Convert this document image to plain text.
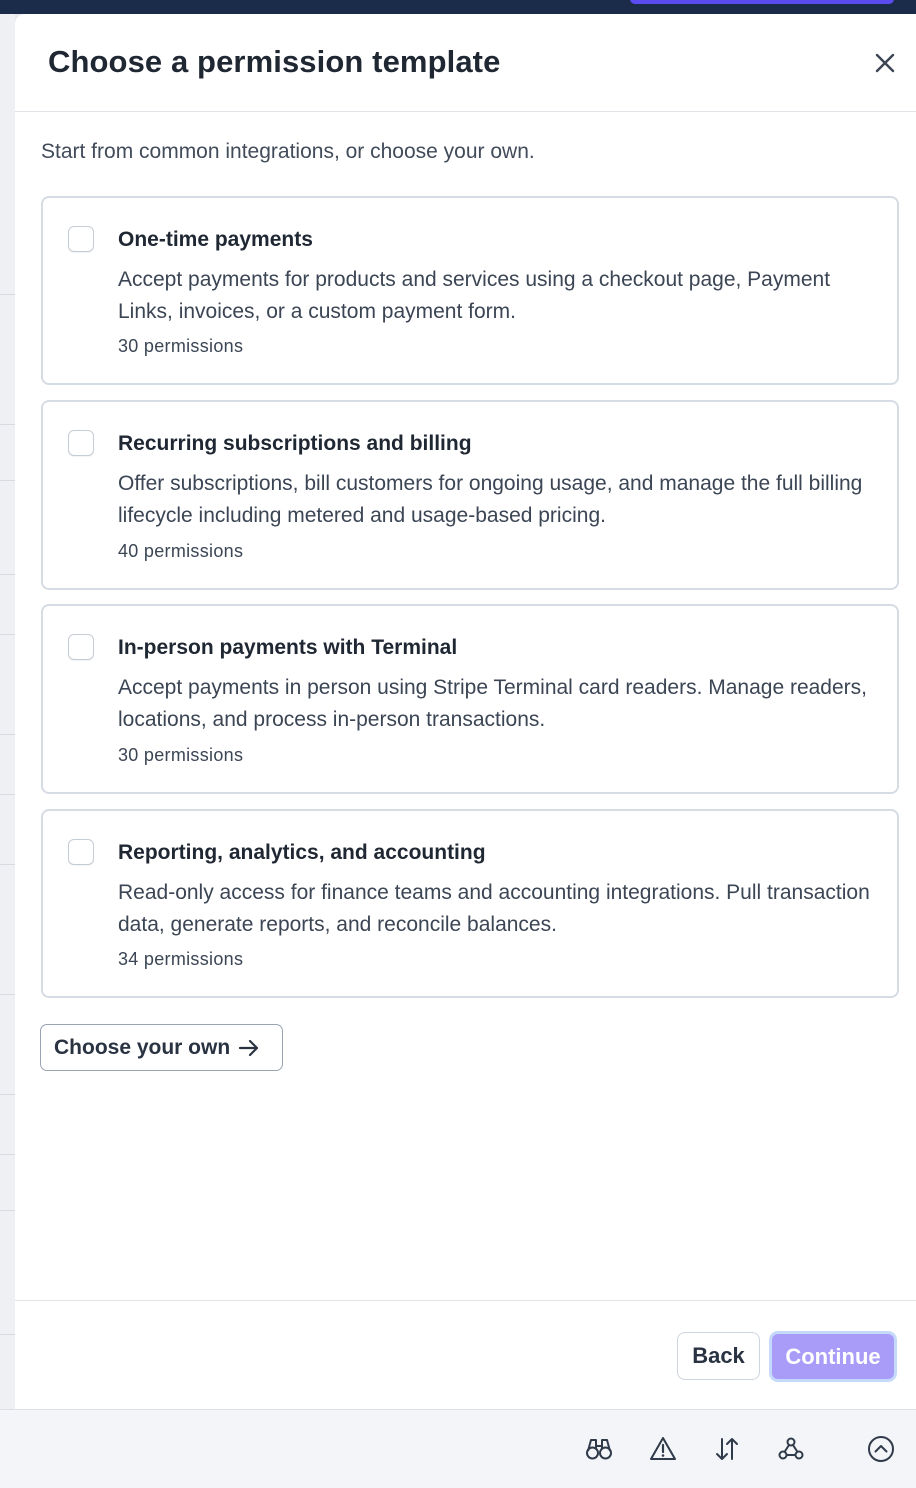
Choose a permission template
Start from common integrations, or choose your own.
One-time payments
Accept payments for products and services using a checkout page, Payment Links, invoices, or a custom payment form.
30 permissions
Recurring subscriptions and billing
Offer subscriptions, bill customers for ongoing usage, and manage the full billing lifecycle including metered and usage-based pricing.
40 permissions
In-person payments with Terminal
Accept payments in person using Stripe Terminal card readers. Manage readers, locations, and process in-person transactions.
30 permissions
Reporting, analytics, and accounting
Read-only access for finance teams and accounting integrations. Pull transaction data, generate reports, and reconcile balances.
34 permissions
Choose your own
Back	Continue
